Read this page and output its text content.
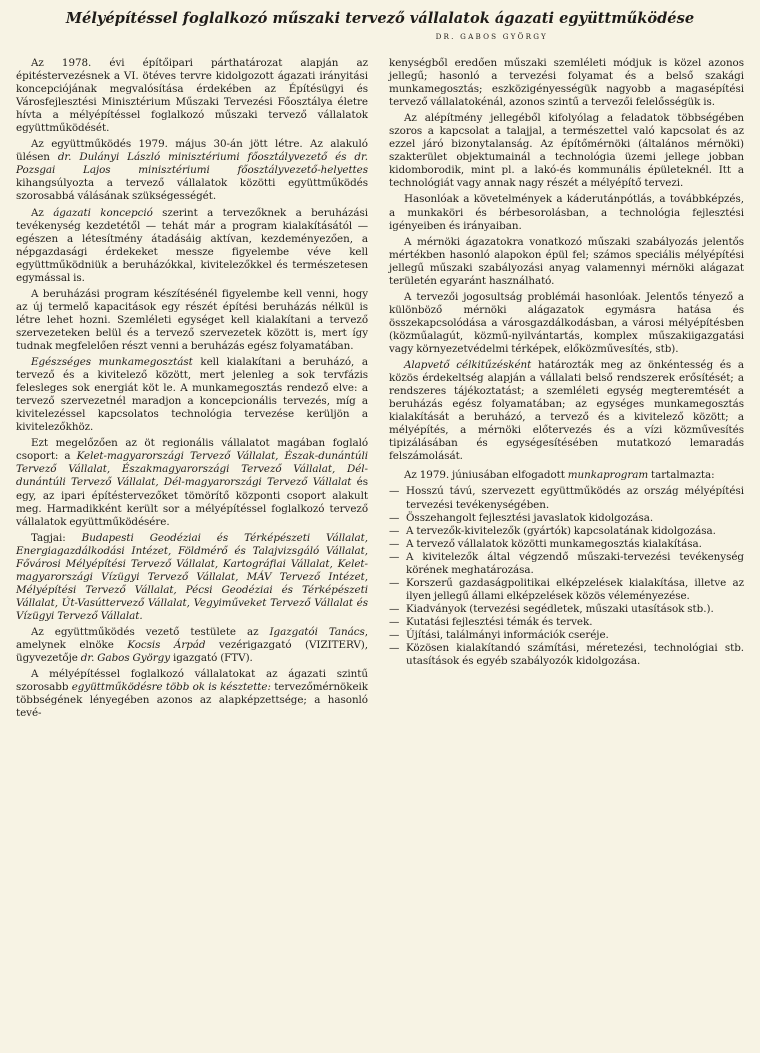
Mélyépítéssel foglalkozó műszaki tervező vállalatok ágazati együttműködése
DR. GABOS GYÖRGY

Az 1978. évi építőipari párthatározat alapján az épitéstervezésnek a VI. ötéves tervre kidolgozott ágazati irányitási koncepciójának megvalósítása érdekében az Építésügyi és Városfejlesztési Minisztérium Műszaki Tervezési Főosztálya életre hívta a mélyépítéssel foglalkozó műszaki tervező vállalatok együttműködését.

Az együttműködés 1979. május 30-án jött létre. Az alakuló ülésen dr. Dulányi László minisztériumi főosztályvezető és dr. Pozsgai Lajos minisztériumi főosztályvezető-helyettes kihangsúlyozta a tervező vállalatok közötti együttműködés szorosabbá válásának szükségességét.

Az ágazati koncepció szerint a tervezőknek a beruházási tevékenység kezdetétől — tehát már a program kialakításától — egészen a létesítmény átadásáig aktívan, kezdeményezően, a népgazdasági érdekeket messze figyelembe véve kell együttműködniük a beruházókkal, kivitelezőkkel és természetesen egymással is.

A beruházási program készítésénél figyelembe kell venni, hogy az új termelő kapacitások egy részét építési beruházás nélkül is létre lehet hozni. Szemléleti egységet kell kialakítani a tervező szervezeteken belül és a tervező szervezetek között is, mert így tudnak megfelelően részt venni a beruházás egész folyamatában.

Egészséges munkamegosztást kell kialakítani a beruházó, a tervező és a kivitelező között, mert jelenleg a sok tervfázis felesleges sok energiát köt le. A munkamegosztás rendező elve: a tervező szervezetnél maradjon a koncepcionális tervezés, míg a kivitelezéssel kapcsolatos technológia tervezése kerüljön a kivitelezőkhöz.

Ezt megelőzően az öt regionális vállalatot magában foglaló csoport: a Kelet-magyarországi Tervező Vállalat, Észak-dunántúli Tervező Vállalat, Északmagyarországi Tervező Vállalat, Dél-dunántúli Tervező Vállalat, Dél-magyarországi Tervező Vállalat és egy, az ipari építéstervezőket tömörítő központi csoport alakult meg. Harmadikként került sor a mélyépítéssel foglalkozó tervező vállalatok együttműködésére.

Tagjai: Budapesti Geodéziai és Térképészeti Vállalat, Energiagazdálkodási Intézet, Földmérő és Talajvizsgáló Vállalat, Fővárosi Mélyépítési Tervező Vállalat, Kartográfiai Vállalat, Kelet-magyarországi Vízügyi Tervező Vállalat, MÁV Tervező Intézet, Mélyépítési Tervező Vállalat, Pécsi Geodéziai és Térképészeti Vállalat, Út-Vasúttervező Vállalat, Vegyiműveket Tervező Vállalat és Vízügyi Tervező Vállalat.

Az együttműködés vezető testülete az Igazgatói Tanács, amelynek elnöke Kocsis Árpád vezérigazgató (VIZITERV), ügyvezetője dr. Gabos György igazgató (FTV).

A mélyépítéssel foglalkozó vállalatokat az ágazati szintű szorosabb együttműködésre több ok is késztette: tervezőmérnökeik többségének lényegében azonos az alapképzettsége; a hasonló tevé-

kenységből eredően műszaki szemléleti módjuk is közel azonos jellegű; hasonló a tervezési folyamat és a belső szakági munkamegosztás; eszközigényességük nagyobb a magasépítési tervező vállalatokénál, azonos szintű a tervezői felelősségük is.

Az alépítmény jellegéből kifolyólag a feladatok többségében szoros a kapcsolat a talajjal, a természettel való kapcsolat és az ezzel járó bizonytalanság. Az építőmérnöki (általános mérnöki) szakterület objektumainál a technológia üzemi jellege jobban kidomborodik, mint pl. a lakó-és kommunális épületeknél. Itt a technológiát vagy annak nagy részét a mélyépítő tervezi.

Hasonlóak a követelmények a káderutánpótlás, a továbbképzés, a munkaköri és bérbesorolásban, a technológia fejlesztési igényeiben és irányaiban.

A mérnöki ágazatokra vonatkozó műszaki szabályozás jelentős mértékben hasonló alapokon épül fel; számos speciális mélyépítési jellegű műszaki szabályozási anyag valamennyi mérnöki alágazat területén egyaránt használható.

A tervezői jogosultság problémái hasonlóak. Jelentős tényező a különböző mérnöki alágazatok egymásra hatása és összekapcsolódása a városgazdálkodásban, a városi mélyépítésben (közműalagút, közmű-nyilvántartás, komplex műszakiigazgatási vagy környezetvédelmi térképek, előközművesítés, stb).

Alapvető célkitűzésként határozták meg az önkéntesség és a közös érdekeltség alapján a vállalati belső rendszerek erősítését; a rendszeres tájékoztatást; a szemléleti egység megteremtését a beruházás egész folyamatában; az egységes munkamegosztás kialakítását a beruházó, a tervező és a kivitelező között; a mélyépítés, a mérnöki előtervezés és a vízi közművesítés tipizálásában és egységesítésében mutatkozó lemaradás felszámolását.

Az 1979. júniusában elfogadott munkaprogram tartalmazta:

— Hosszú távú, szervezett együttműködés az ország mélyépítési tervezési tevékenységében.
— Összehangolt fejlesztési javaslatok kidolgozása.
— A tervezők-kivitelezők (gyártók) kapcsolatának kidolgozása.
— A tervező vállalatok közötti munkamegosztás kialakítása.
— A kivitelezők által végzendő műszaki-tervezési tevékenység körének meghatározása.
— Korszerű gazdaságpolitikai elképzelések kialakítása, illetve az ilyen jellegű állami elképzelések közös véleményezése.
— Kiadványok (tervezési segédletek, műszaki utasítások stb.).
— Kutatási fejlesztési témák és tervek.
— Újítási, találmányi információk cseréje.
— Közösen kialakítandó számítási, méretezési, technológiai stb. utasítások és egyéb szabályozók kidolgozása.
